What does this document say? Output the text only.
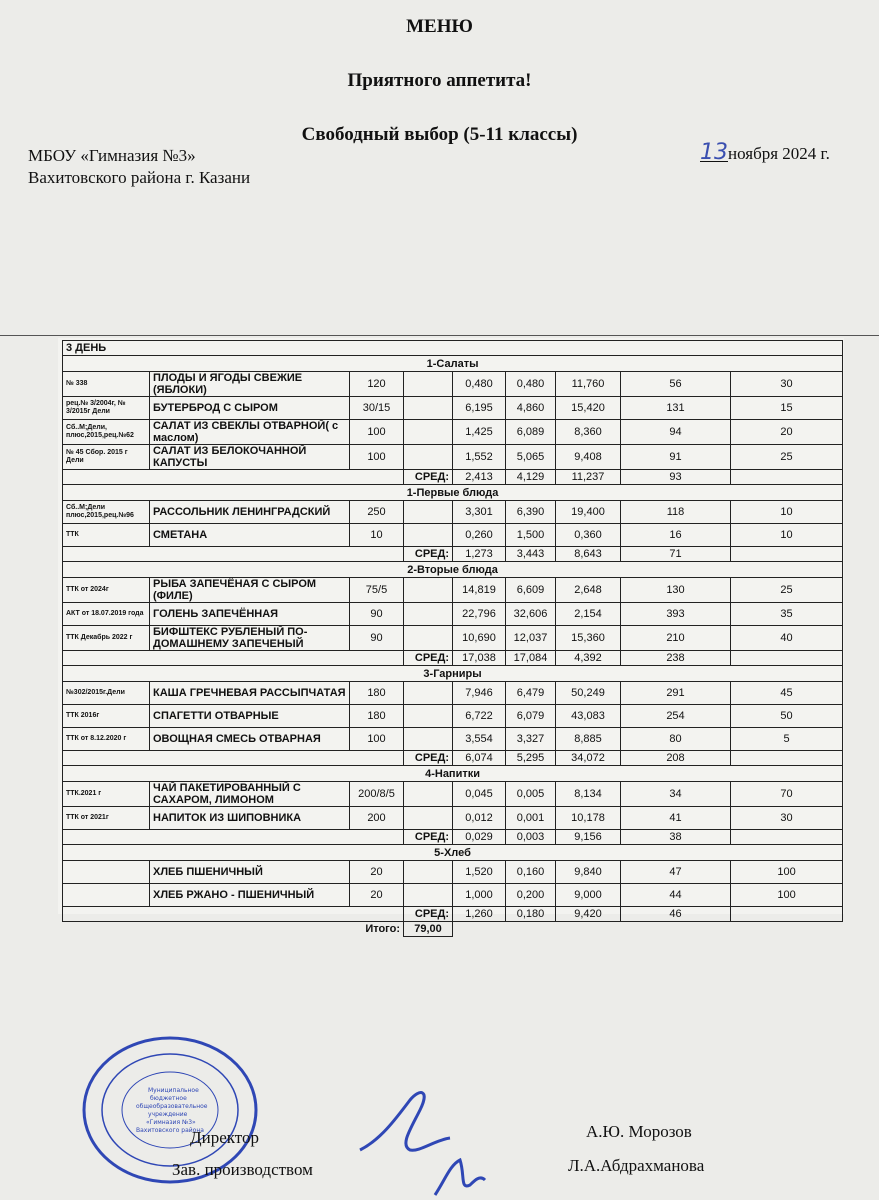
МЕНЮ
Приятного аппетита!
Свободный выбор (5-11 классы)
МБОУ «Гимназия №3»
Вахитовского района г. Казани
13ноября 2024 г.
3 ДЕНЬ								
1-Салаты								
№ 338	ПЛОДЫ И ЯГОДЫ СВЕЖИЕ (ЯБЛОКИ)	120		0,480	0,480	11,760	56	30
рец.№ 3/2004г, № 3/2015г Дели	БУТЕРБРОД С СЫРОМ	30/15		6,195	4,860	15,420	131	15
Сб..М;Дели, плюс,2015,рец.№62	САЛАТ ИЗ СВЕКЛЫ ОТВАРНОЙ( с маслом)	100		1,425	6,089	8,360	94	20
№ 45 Сбор. 2015 г Дели	САЛАТ ИЗ БЕЛОКОЧАННОЙ КАПУСТЫ	100		1,552	5,065	9,408	91	25
			СРЕД:	2,413	4,129	11,237	93	
1-Первые блюда								
Сб..М;Дели плюс,2015,рец.№96	РАССОЛЬНИК ЛЕНИНГРАДСКИЙ	250		3,301	6,390	19,400	118	10
ТТК	СМЕТАНА	10		0,260	1,500	0,360	16	10
			СРЕД:	1,273	3,443	8,643	71	
2-Вторые блюда								
ТТК от 2024г	РЫБА ЗАПЕЧЁНАЯ С СЫРОМ (ФИЛЕ)	75/5		14,819	6,609	2,648	130	25
АКТ от 18.07.2019 года	ГОЛЕНЬ ЗАПЕЧЁННАЯ	90		22,796	32,606	2,154	393	35
ТТК Декабрь 2022 г	БИФШТЕКС РУБЛЕНЫЙ ПО-ДОМАШНЕМУ ЗАПЕЧЕНЫЙ	90		10,690	12,037	15,360	210	40
			СРЕД:	17,038	17,084	4,392	238	
3-Гарниры								
№302/2015г.Дели	КАША ГРЕЧНЕВАЯ РАССЫПЧАТАЯ	180		7,946	6,479	50,249	291	45
ТТК 2016г	СПАГЕТТИ ОТВАРНЫЕ	180		6,722	6,079	43,083	254	50
ТТК от 8.12.2020 г	ОВОЩНАЯ СМЕСЬ ОТВАРНАЯ	100		3,554	3,327	8,885	80	5
			СРЕД:	6,074	5,295	34,072	208	
4-Напитки								
ТТК.2021 г	ЧАЙ ПАКЕТИРОВАННЫЙ С САХАРОМ, ЛИМОНОМ	200/8/5		0,045	0,005	8,134	34	70
ТТК от 2021г	НАПИТОК ИЗ ШИПОВНИКА	200		0,012	0,001	10,178	41	30
			СРЕД:	0,029	0,003	9,156	38	
5-Хлеб								
	ХЛЕБ ПШЕНИЧНЫЙ	20		1,520	0,160	9,840	47	100
	ХЛЕБ РЖАНО - ПШЕНИЧНЫЙ	20		1,000	0,200	9,000	44	100
			СРЕД:	1,260	0,180	9,420	46	
Итого:			79,00					
Муниципальное
бюджетное
общеобразовательное
учреждение
«Гимназия №3»
Вахитовского района
Директор	А.Ю. Морозов
Зав. производством	Л.А.Абдрахманова
